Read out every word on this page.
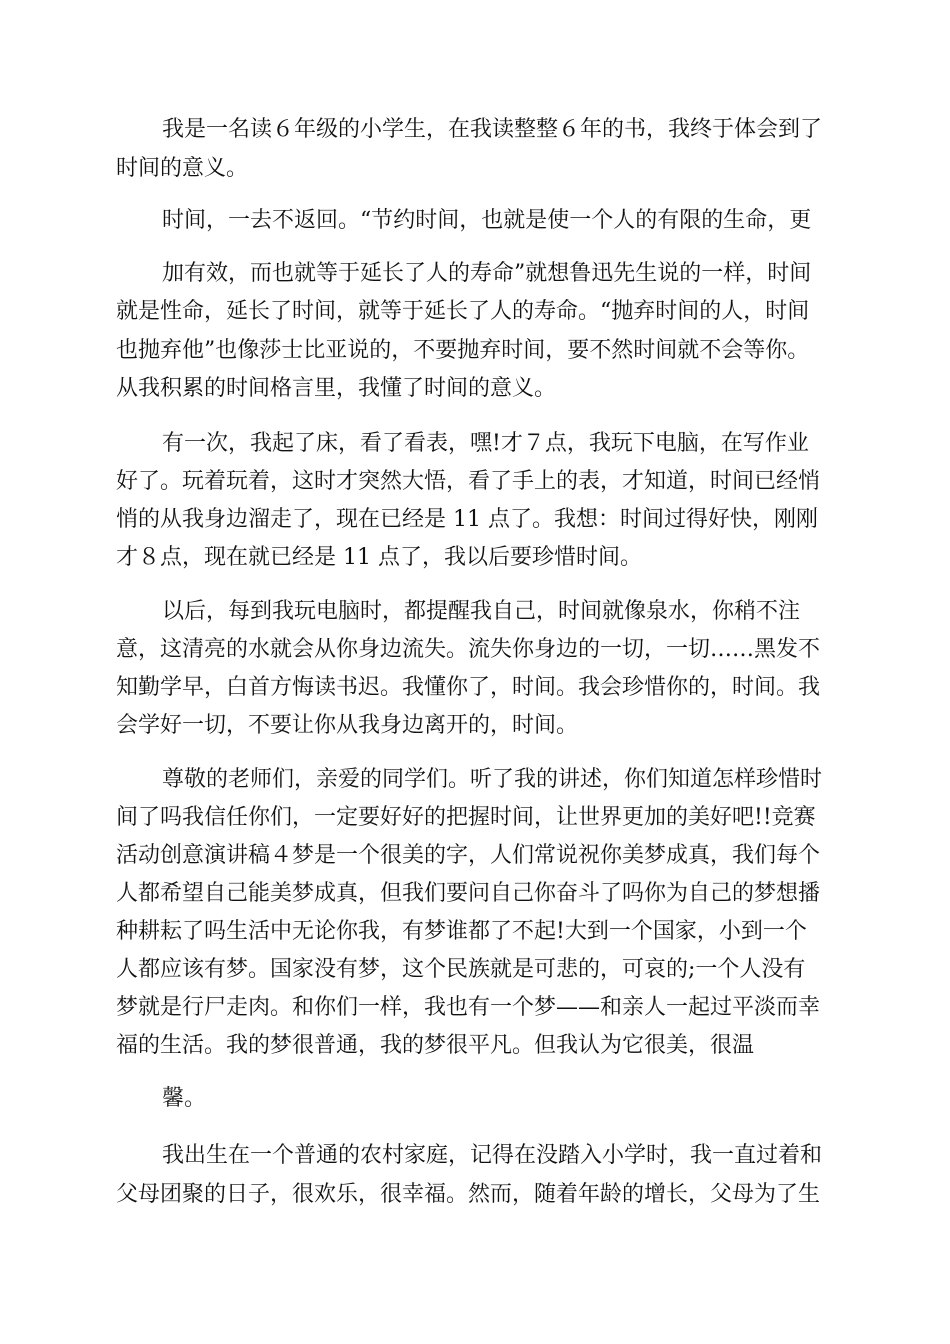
我是一名读６年级的小学生，在我读整整６年的书，我终于体会到了

时间的意义。

时间，一去不返回。“节约时间，也就是使一个人的有限的生命，更

加有效，而也就等于延长了人的寿命”就想鲁迅先生说的一样，时间

就是性命，延长了时间，就等于延长了人的寿命。“抛弃时间的人，时间

也抛弃他”也像莎士比亚说的，不要抛弃时间，要不然时间就不会等你。

从我积累的时间格言里，我懂了时间的意义。

有一次，我起了床，看了看表，嘿!才７点，我玩下电脑，在写作业

好了。玩着玩着，这时才突然大悟，看了手上的表，才知道，时间已经悄

悄的从我身边溜走了，现在已经是 11 点了。我想：时间过得好快，刚刚

才８点，现在就已经是 11 点了，我以后要珍惜时间。

以后，每到我玩电脑时，都提醒我自己，时间就像泉水，你稍不注

意，这清亮的水就会从你身边流失。流失你身边的一切，一切……黑发不

知勤学早，白首方悔读书迟。我懂你了，时间。我会珍惜你的，时间。我

会学好一切，不要让你从我身边离开的，时间。

尊敬的老师们，亲爱的同学们。听了我的讲述，你们知道怎样珍惜时

间了吗我信任你们，一定要好好的把握时间，让世界更加的美好吧!!竞赛

活动创意演讲稿４梦是一个很美的字，人们常说祝你美梦成真，我们每个

人都希望自己能美梦成真，但我们要问自己你奋斗了吗你为自己的梦想播

种耕耘了吗生活中无论你我，有梦谁都了不起!大到一个国家，小到一个

人都应该有梦。国家没有梦，这个民族就是可悲的，可哀的;一个人没有

梦就是行尸走肉。和你们一样，我也有一个梦——和亲人一起过平淡而幸

福的生活。我的梦很普通，我的梦很平凡。但我认为它很美，很温

馨。

我出生在一个普通的农村家庭，记得在没踏入小学时，我一直过着和

父母团聚的日子，很欢乐，很幸福。然而，随着年龄的增长，父母为了生
